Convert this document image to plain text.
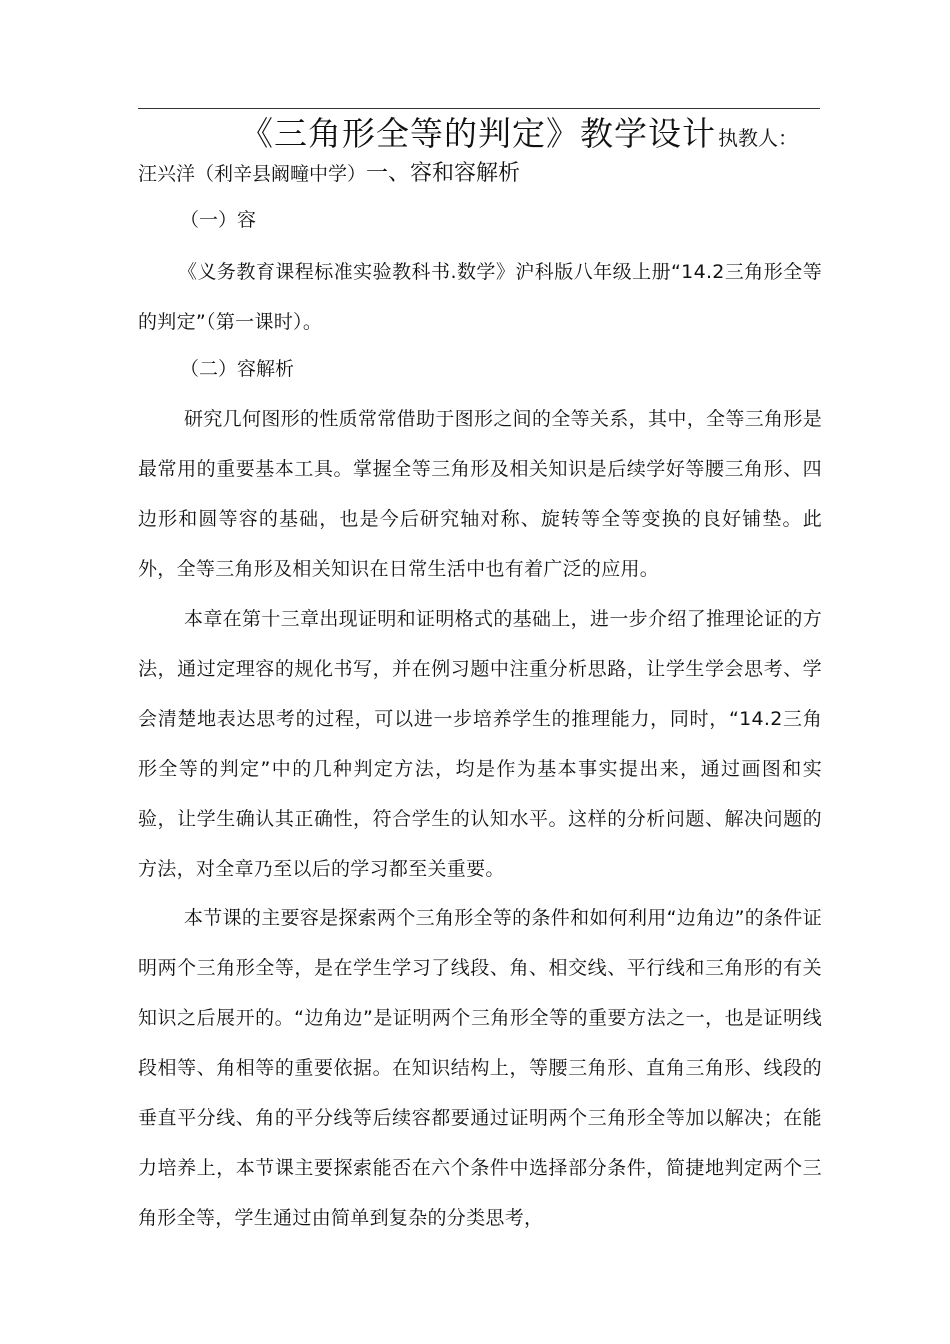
《三角形全等的判定》教学设计 执教人：
汪兴洋（利辛县阚疃中学）一、容和容解析

（一）容

《义务教育课程标准实验教科书.数学》沪科版八年级上册“14.2三角形全等的判定”（第一课时）。

（二）容解析

研究几何图形的性质常常借助于图形之间的全等关系，其中，全等三角形是最常用的重要基本工具。掌握全等三角形及相关知识是后续学好等腰三角形、四边形和圆等容的基础，也是今后研究轴对称、旋转等全等变换的良好铺垫。此外，全等三角形及相关知识在日常生活中也有着广泛的应用。

本章在第十三章出现证明和证明格式的基础上，进一步介绍了推理论证的方法，通过定理容的规化书写，并在例习题中注重分析思路，让学生学会思考、学会清楚地表达思考的过程，可以进一步培养学生的推理能力，同时，“14.2三角形全等的判定”中的几种判定方法，均是作为基本事实提出来，通过画图和实验，让学生确认其正确性，符合学生的认知水平。这样的分析问题、解决问题的方法，对全章乃至以后的学习都至关重要。

本节课的主要容是探索两个三角形全等的条件和如何利用“边角边”的条件证明两个三角形全等，是在学生学习了线段、角、相交线、平行线和三角形的有关知识之后展开的。“边角边”是证明两个三角形全等的重要方法之一，也是证明线段相等、角相等的重要依据。在知识结构上，等腰三角形、直角三角形、线段的垂直平分线、角的平分线等后续容都要通过证明两个三角形全等加以解决；在能力培养上，本节课主要探索能否在六个条件中选择部分条件，简捷地判定两个三角形全等，学生通过由简单到复杂的分类思考，
